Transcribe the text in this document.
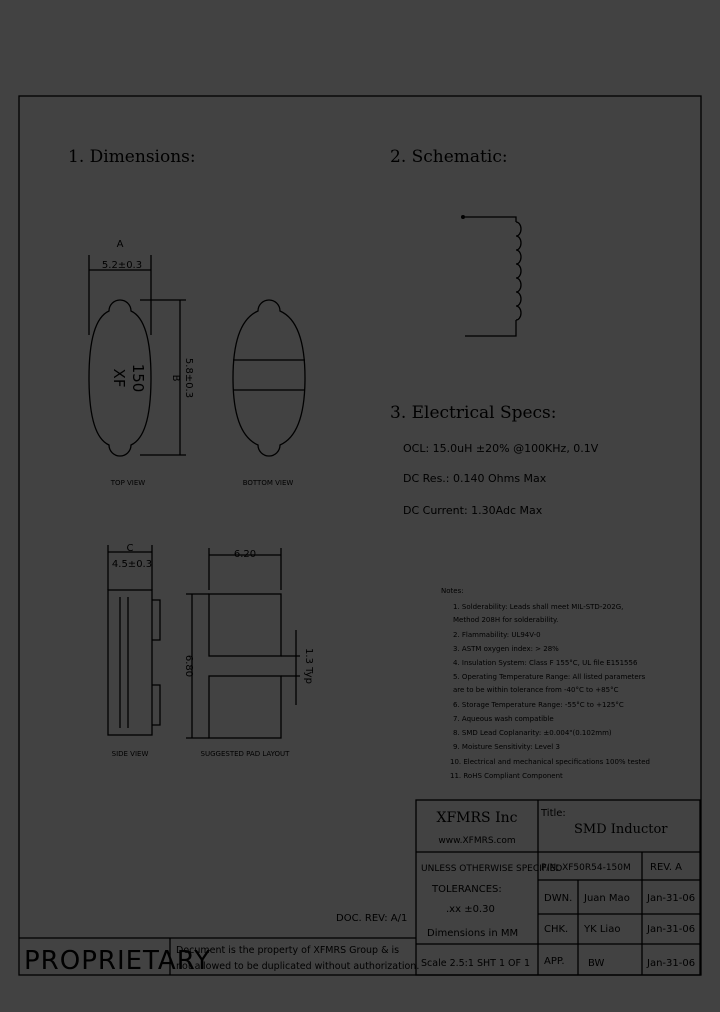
1. Dimensions:	2. Schematic:
3. Electrical Specs:
OCL: 15.0uH ±20% @100KHz, 0.1V
DC Res.: 0.140 Ohms Max
DC Current: 1.30Adc Max
A
5.2±0.3
B 5.8±0.3
XF 150
TOP VIEW	BOTTOM VIEW
C
4.5±0.3
SIDE VIEW
6.20
6.80	1.3 Typ
SUGGESTED PAD LAYOUT
Notes:
1. Solderability: Leads shall meet MIL-STD-202G,
Method 208H for solderability.
2. Flammability: UL94V-0
3. ASTM oxygen index: > 28%
4. Insulation System: Class F 155°C, UL file E151556
5. Operating Temperature Range: All listed parameters
are to be within tolerance from -40°C to +85°C
6. Storage Temperature Range: -55°C to +125°C
7. Aqueous wash compatible
8. SMD Lead Coplanarity: ±0.004"(0.102mm)
9. Moisture Sensitivity: Level 3
10. Electrical and mechanical specifications 100% tested
11. RoHS Compliant Component
XFMRS Inc
www.XFMRS.com
Title:
SMD Inductor
UNLESS OTHERWISE SPECIFIED
TOLERANCES:
.xx ±0.30
Dimensions in MM
Scale 2.5:1 SHT 1 OF 1
P/N: XF50R54-150M REV. A
DWN. Juan Mao Jan-31-06
CHK. YK Liao	Jan-31-06
APP. BW	Jan-31-06
DOC. REV: A/1
PROPRIETARY
Document is the property of XFMRS Group & is
not allowed to be duplicated without authorization.
